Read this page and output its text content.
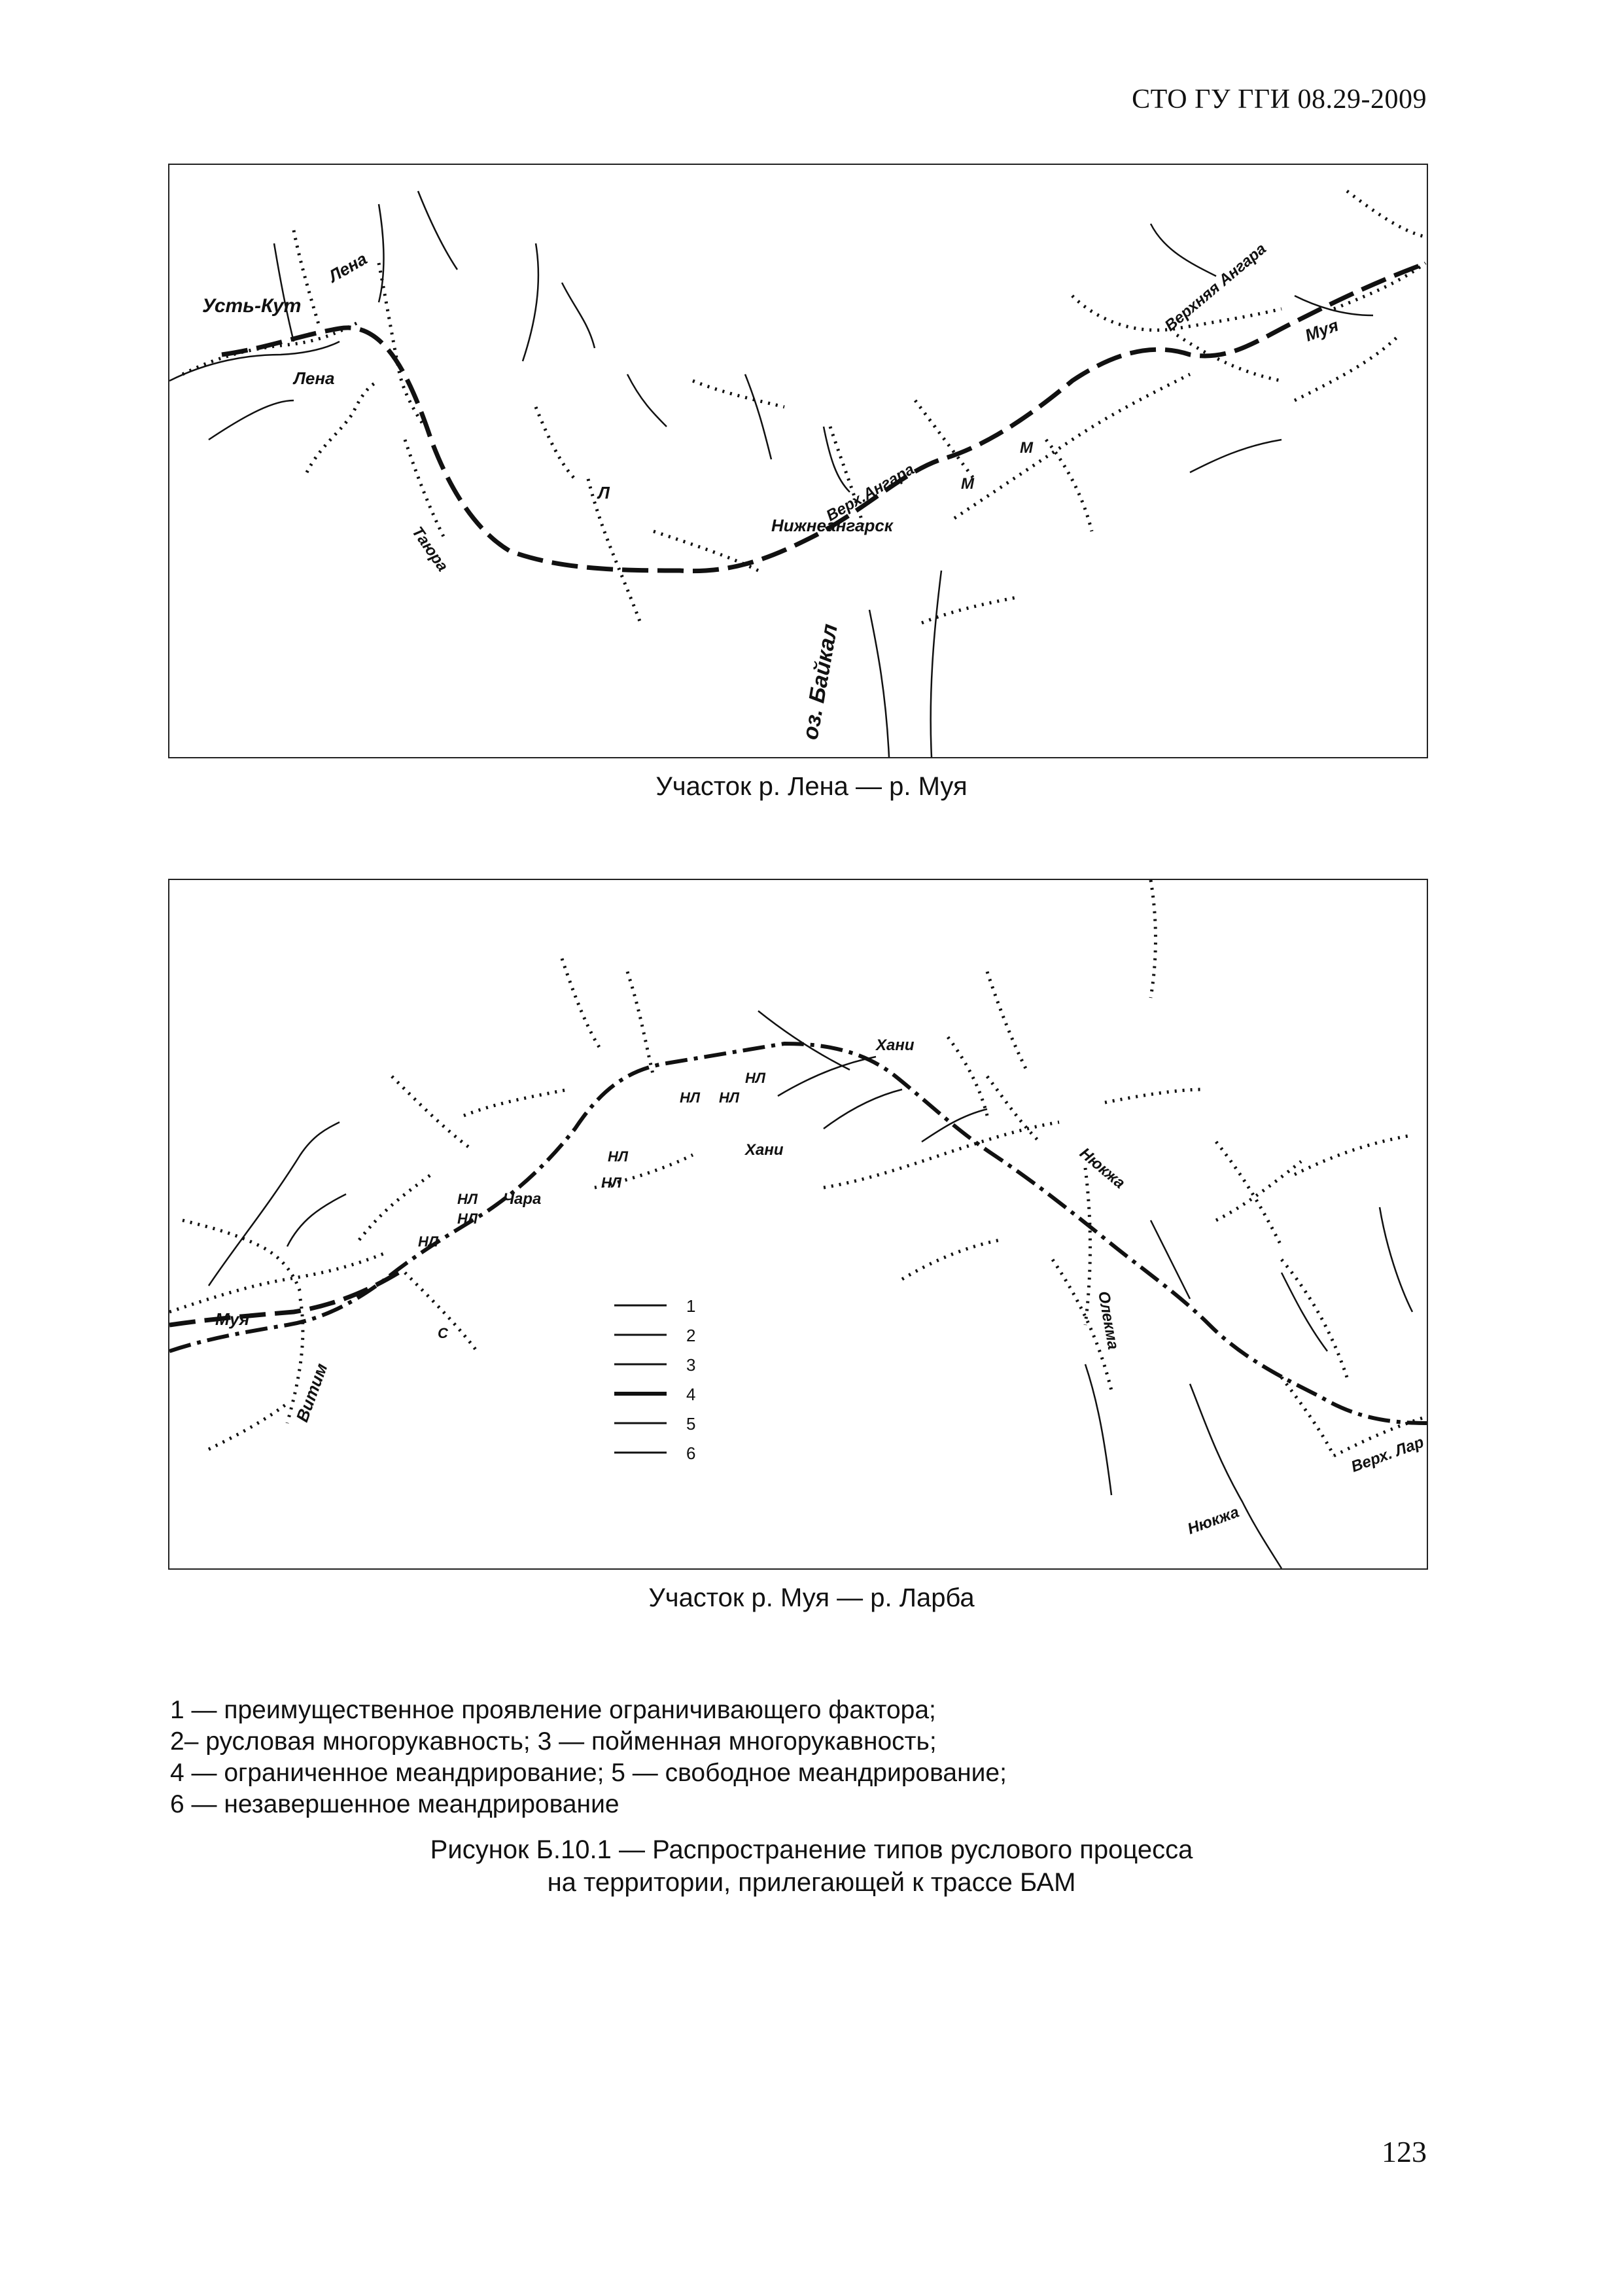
СТО ГУ ГГИ 08.29-2009
Усть-Кут
Лена
Лена
Таюра
Л
Нижнеангарск
оз. Байкал
Верх.Ангара
Верхняя Ангара Муя
М
М
Участок р. Лена — р. Муя
1
2
3
4
5
6
Муя
Витим
Чара
НЛ
НЛ
НЛ
НЛ
НЛ
НЛ НЛ
НЛ
С
Хани
Хани	Нюкжа
Нюкжа
Олекма
Верх. Лар
Участок р. Муя — р. Ларба
1 — преимущественное проявление ограничивающего фактора;
2– русловая многорукавность; 3 — пойменная многорукавность;
4 — ограниченное меандрирование; 5 — свободное меандрирование;
6 — незавершенное меандрирование
Рисунок Б.10.1 — Распространение типов руслового процесса
на территории, прилегающей к трассе БАМ
123
